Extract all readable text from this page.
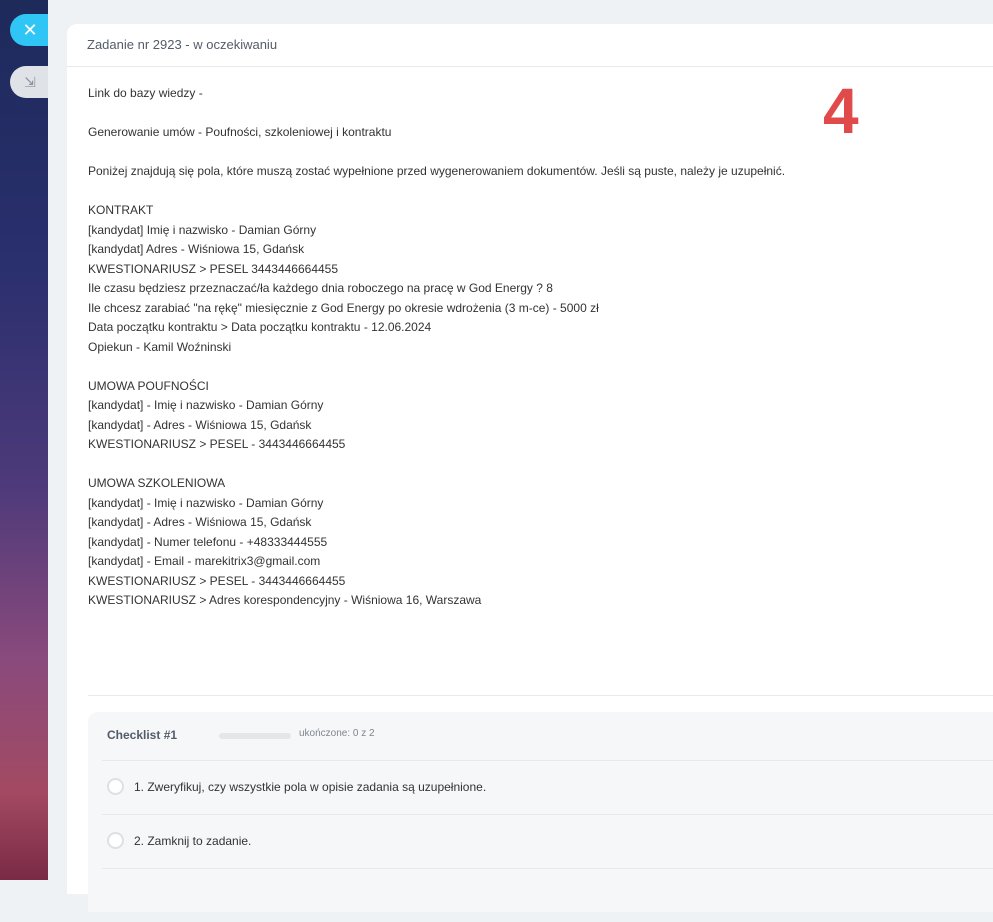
✕
⇲
Zadanie nr 2923 - w oczekiwaniu
4
Link do bazy wiedzy -
Generowanie umów - Poufności, szkoleniowej i kontraktu
Poniżej znajdują się pola, które muszą zostać wypełnione przed wygenerowaniem dokumentów. Jeśli są puste, należy je uzupełnić.
KONTRAKT
[kandydat] Imię i nazwisko - Damian Górny
[kandydat] Adres - Wiśniowa 15, Gdańsk
KWESTIONARIUSZ > PESEL 3443446664455
Ile czasu będziesz przeznaczać/ła każdego dnia roboczego na pracę w God Energy ? 8
Ile chcesz zarabiać "na rękę" miesięcznie z God Energy po okresie wdrożenia (3 m-ce) - 5000 zł
Data początku kontraktu > Data początku kontraktu - 12.06.2024
Opiekun - Kamil Woźninski
UMOWA POUFNOŚCI
[kandydat] - Imię i nazwisko - Damian Górny
[kandydat] - Adres - Wiśniowa 15, Gdańsk
KWESTIONARIUSZ > PESEL - 3443446664455
UMOWA SZKOLENIOWA
[kandydat] - Imię i nazwisko - Damian Górny
[kandydat] - Adres - Wiśniowa 15, Gdańsk
[kandydat] - Numer telefonu - +48333444555
[kandydat] - Email - marekitrix3@gmail.com
KWESTIONARIUSZ > PESEL - 3443446664455
KWESTIONARIUSZ > Adres korespondencyjny - Wiśniowa 16, Warszawa
Checklist #1	ukończone: 0 z 2
1. Zweryfikuj, czy wszystkie pola w opisie zadania są uzupełnione.
2. Zamknij to zadanie.
